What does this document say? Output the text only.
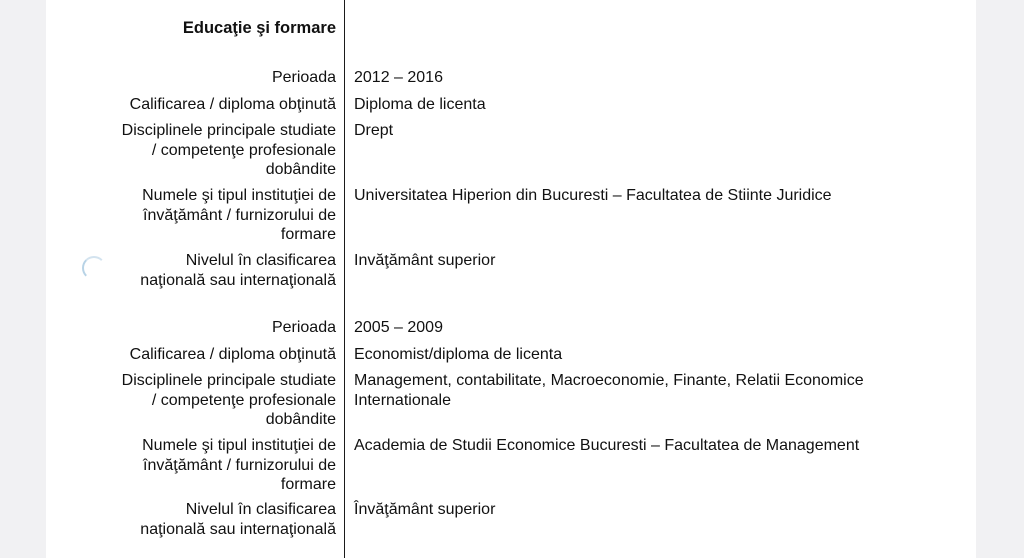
Educaţie şi formare
Perioada 2012 – 2016
Calificarea / diploma obţinută Diploma de licenta
Disciplinele principale studiate
/ competenţe profesionale
dobândite
Drept
Numele şi tipul instituţiei de
învăţământ / furnizorului de
formare
Universitatea Hiperion din Bucuresti – Facultatea de Stiinte Juridice
Nivelul în clasificarea
naţională sau internaţională
Invăţământ superior
Perioada 2005 – 2009
Calificarea / diploma obţinută Economist/diploma de licenta
Disciplinele principale studiate
/ competenţe profesionale
dobândite
Management, contabilitate, Macroeconomie, Finante, Relatii Economice
Internationale
Numele şi tipul instituţiei de
învăţământ / furnizorului de
formare
Academia de Studii Economice Bucuresti – Facultatea de Management
Nivelul în clasificarea
naţională sau internaţională
Învăţământ superior
